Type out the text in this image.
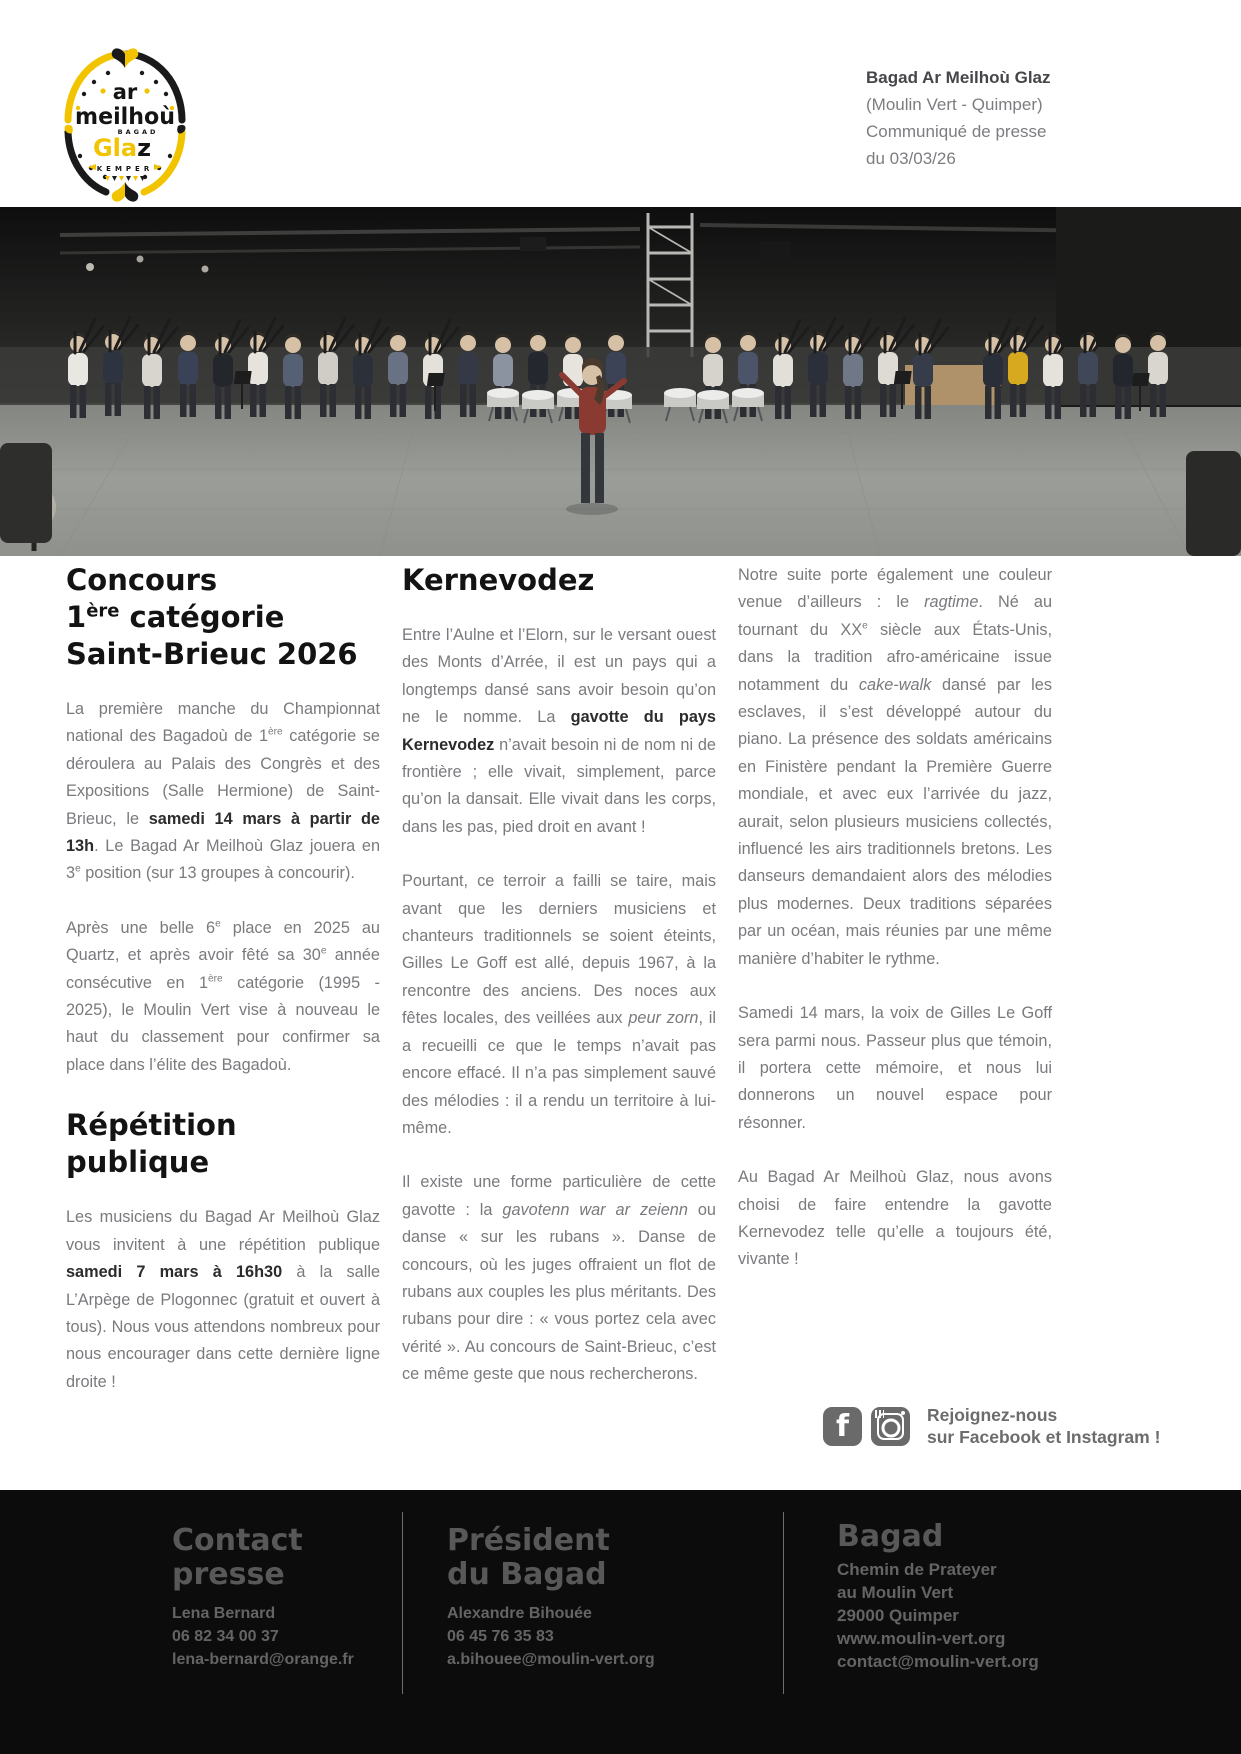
ar
meilhoù
BAGAD
Glaz
KEMPER
Bagad Ar Meilhoù Glaz
(Moulin Vert - Quimper)
Communiqué de presse
du 03/03/26
Concours
1ère catégorie
Saint-Brieuc 2026

La première manche du Championnat national des Bagadoù de 1ère catégorie se déroulera au Palais des Congrès et des Expositions (Salle Hermione) de Saint-Brieuc, le samedi 14 mars à partir de 13h. Le Bagad Ar Meilhoù Glaz jouera en 3e position (sur 13 groupes à concourir).

Après une belle 6e place en 2025 au Quartz, et après avoir fêté sa 30e année consécutive en 1ère catégorie (1995 - 2025), le Moulin Vert vise à nouveau le haut du classement pour confirmer sa place dans l’élite des Bagadoù.

Répétition
publique

Les musiciens du Bagad Ar Meilhoù Glaz vous invitent à une répétition publique samedi 7 mars à 16h30 à la salle L’Arpège de Plogonnec (gratuit et ouvert à tous). Nous vous attendons nombreux pour nous encourager dans cette dernière ligne droite !

Kernevodez

Entre l’Aulne et l’Elorn, sur le versant ouest des Monts d’Arrée, il est un pays qui a longtemps dansé sans avoir besoin qu’on ne le nomme. La gavotte du pays Kernevodez n’avait besoin ni de nom ni de frontière ; elle vivait, simplement, parce qu’on la dansait. Elle vivait dans les corps, dans les pas, pied droit en avant !

Pourtant, ce terroir a failli se taire, mais avant que les derniers musiciens et chanteurs traditionnels se soient éteints, Gilles Le Goff est allé, depuis 1967, à la rencontre des anciens. Des noces aux fêtes locales, des veillées aux peur zorn, il a recueilli ce que le temps n’avait pas encore effacé. Il n’a pas simplement sauvé des mélodies : il a rendu un territoire à lui-même.

Il existe une forme particulière de cette gavotte : la gavotenn war ar zeienn ou danse « sur les rubans ». Danse de concours, où les juges offraient un flot de rubans aux couples les plus méritants. Des rubans pour dire : « vous portez cela avec vérité ». Au concours de Saint-Brieuc, c’est ce même geste que nous rechercherons.

Notre suite porte également une couleur venue d’ailleurs : le ragtime. Né au tournant du XXe siècle aux États-Unis, dans la tradition afro-américaine issue notamment du cake-walk dansé par les esclaves, il s’est développé autour du piano. La présence des soldats américains en Finistère pendant la Première Guerre mondiale, et avec eux l’arrivée du jazz, aurait, selon plusieurs musiciens collectés, influencé les airs traditionnels bretons. Les danseurs demandaient alors des mélodies plus modernes. Deux traditions séparées par un océan, mais réunies par une même manière d’habiter le rythme.

Samedi 14 mars, la voix de Gilles Le Goff sera parmi nous. Passeur plus que témoin, il portera cette mémoire, et nous lui donnerons un nouvel espace pour résonner.

Au Bagad Ar Meilhoù Glaz, nous avons choisi de faire entendre la gavotte Kernevodez telle qu’elle a toujours été, vivante !

f	Rejoignez-nous
sur Facebook et Instagram !
Contact
presse
Lena Bernard
06 82 34 00 37
lena-bernard@orange.fr
Président
du Bagad
Alexandre Bihouée
06 45 76 35 83
a.bihouee@moulin-vert.org
Bagad
Chemin de Prateyer
au Moulin Vert
29000 Quimper
www.moulin-vert.org
contact@moulin-vert.org
